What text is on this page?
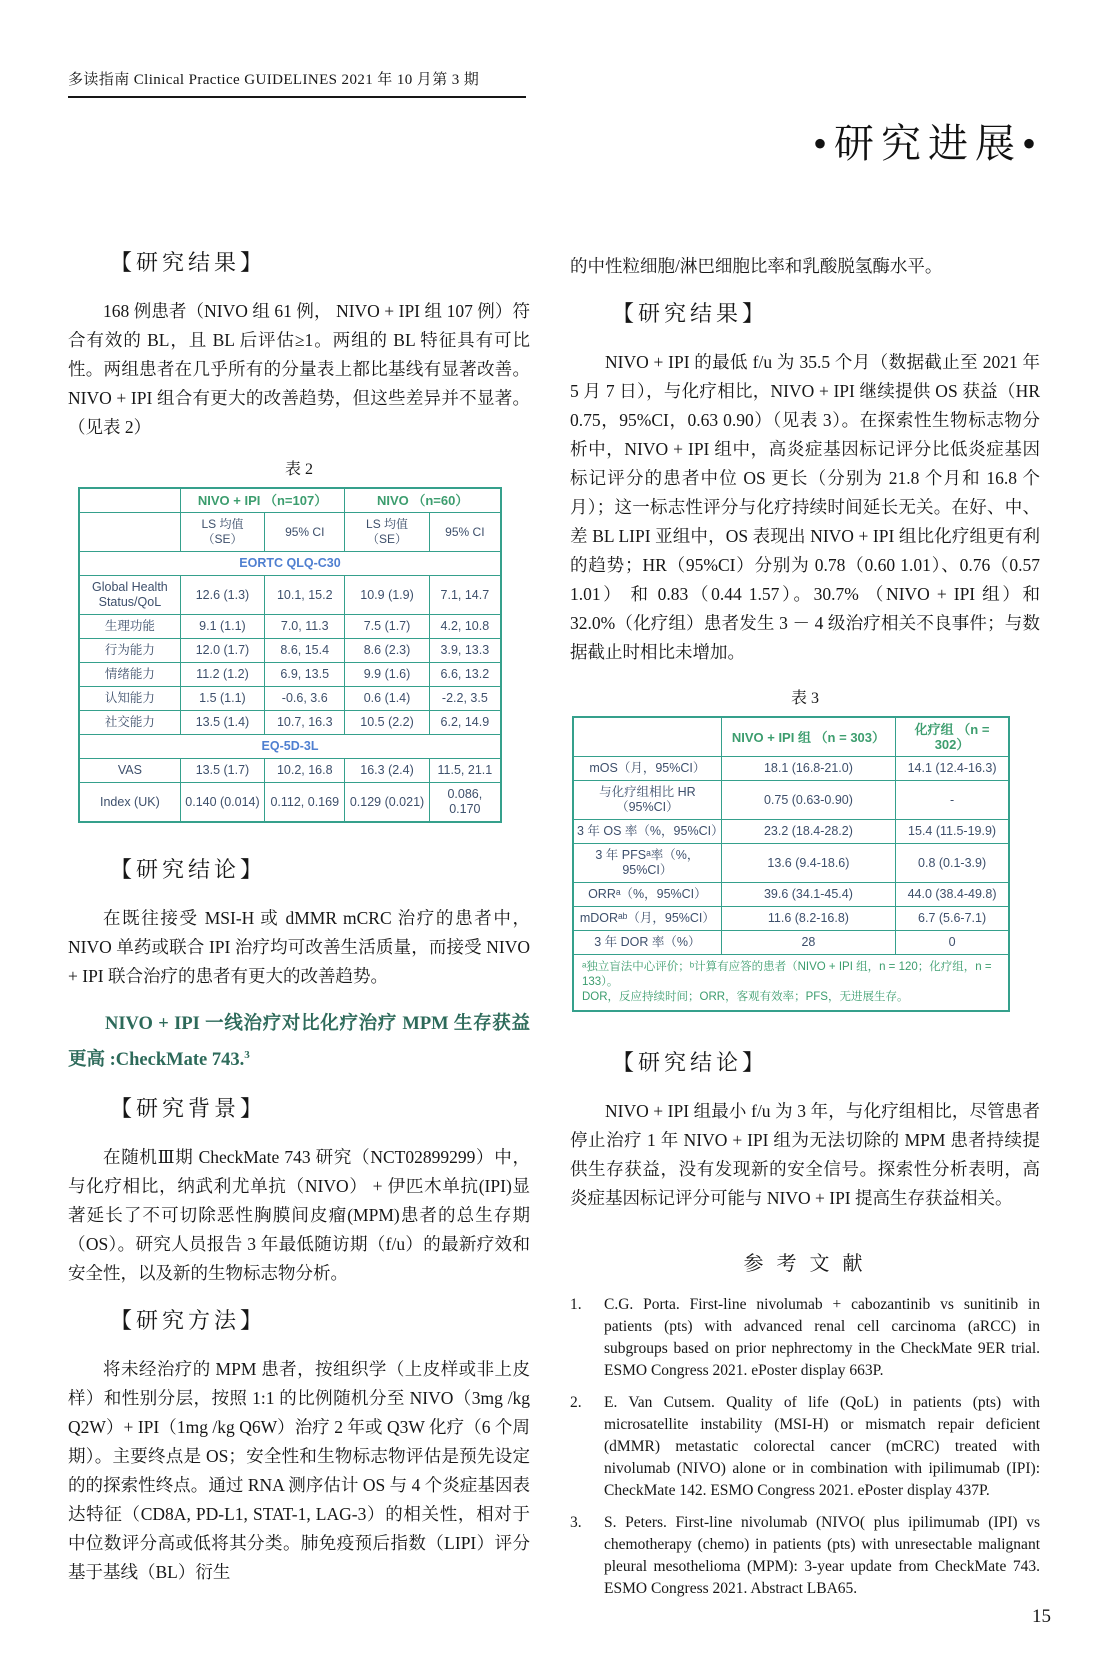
多读指南 Clinical Practice GUIDELINES 2021 年 10 月第 3 期
•研究进展•
【研究结果】

168 例患者（NIVO 组 61 例， NIVO + IPI 组 107 例）符合有效的 BL，且 BL 后评估≥1。两组的 BL 特征具有可比性。两组患者在几乎所有的分量表上都比基线有显著改善。NIVO + IPI 组合有更大的改善趋势，但这些差异并不显著。（见表 2）

表 2
	NIVO + IPI （n=107）		NIVO （n=60）	
	LS 均值 （SE）	95% CI	LS 均值 （SE）	95% CI
EORTC QLQ-C30				
Global Health Status/QoL	12.6 (1.3)	10.1, 15.2	10.9 (1.9)	7.1, 14.7
生理功能	9.1 (1.1)	7.0, 11.3	7.5 (1.7)	4.2, 10.8
行为能力	12.0 (1.7)	8.6, 15.4	8.6 (2.3)	3.9, 13.3
情绪能力	11.2 (1.2)	6.9, 13.5	9.9 (1.6)	6.6, 13.2
认知能力	1.5 (1.1)	-0.6, 3.6	0.6 (1.4)	-2.2, 3.5
社交能力	13.5 (1.4)	10.7, 16.3	10.5 (2.2)	6.2, 14.9
EQ-5D-3L				
VAS	13.5 (1.7)	10.2, 16.8	16.3 (2.4)	11.5, 21.1
Index (UK)	0.140 (0.014)	0.112, 0.169	0.129 (0.021)	0.086, 0.170
【研究结论】

在既往接受 MSI-H 或 dMMR mCRC 治疗的患者中，NIVO 单药或联合 IPI 治疗均可改善生活质量，而接受 NIVO + IPI 联合治疗的患者有更大的改善趋势。

NIVO + IPI 一线治疗对比化疗治疗 MPM 生存获益更高 :CheckMate 743.$^3$

【研究背景】

在随机Ⅲ期 CheckMate 743 研究（NCT02899299）中，与化疗相比，纳武利尤单抗（NIVO） + 伊匹木单抗(IPI)显著延长了不可切除恶性胸膜间皮瘤(MPM)患者的总生存期（OS）。研究人员报告 3 年最低随访期（f/u）的最新疗效和安全性，以及新的生物标志物分析。

【研究方法】

将未经治疗的 MPM 患者，按组织学（上皮样或非上皮样）和性别分层，按照 1:1 的比例随机分至 NIVO（3mg /kg Q2W）+ IPI（1mg /kg Q6W）治疗 2 年或 Q3W 化疗（6 个周期）。主要终点是 OS；安全性和生物标志物评估是预先设定的的探索性终点。通过 RNA 测序估计 OS 与 4 个炎症基因表达特征（CD8A, PD-L1, STAT-1, LAG-3）的相关性，相对于中位数评分高或低将其分类。肺免疫预后指数（LIPI）评分基于基线（BL）衍生

的中性粒细胞/淋巴细胞比率和乳酸脱氢酶水平。

【研究结果】

NIVO + IPI 的最低 f/u 为 35.5 个月（数据截止至 2021 年 5 月 7 日），与化疗相比，NIVO + IPI 继续提供 OS 获益（HR 0.75，95%CI，0.63 0.90）（见表 3）。在探索性生物标志物分析中，NIVO + IPI 组中，高炎症基因标记评分比低炎症基因标记评分的患者中位 OS 更长（分别为 21.8 个月和 16.8 个月）；这一标志性评分与化疗持续时间延长无关。在好、中、差 BL LIPI 亚组中，OS 表现出 NIVO + IPI 组比化疗组更有利的趋势；HR（95%CI）分别为 0.78（0.60 1.01）、0.76（0.57 1.01） 和 0.83（0.44 1.57）。30.7% （NIVO + IPI 组）和 32.0%（化疗组）患者发生 3 － 4 级治疗相关不良事件；与数据截止时相比未增加。

表 3
	NIVO + IPI 组 （n = 303）	化疗组 （n = 302）
mOS（月，95%CI）	18.1 (16.8-21.0)	14.1 (12.4-16.3)
与化疗组相比 HR（95%CI）	0.75 (0.63-0.90)	-
3 年 OS 率（%，95%CI）	23.2 (18.4-28.2)	15.4 (11.5-19.9)
3 年 PFSᵃ率（%，95%CI）	13.6 (9.4-18.6)	0.8 (0.1-3.9)
ORRᵃ（%，95%CI）	39.6 (34.1-45.4)	44.0 (38.4-49.8)
mDORᵃᵇ（月，95%CI）	11.6 (8.2-16.8)	6.7 (5.6-7.1)
3 年 DOR 率（%）	28	0

ᵃ独立盲法中心评价；ᵇ计算有应答的患者（NIVO + IPI 组，n = 120；化疗组，n = 133）。
DOR，反应持续时间；ORR，客观有效率；PFS，无进展生存。		
【研究结论】

NIVO + IPI 组最小 f/u 为 3 年，与化疗组相比，尽管患者停止治疗 1 年 NIVO + IPI 组为无法切除的 MPM 患者持续提供生存获益，没有发现新的安全信号。探索性分析表明，高炎症基因标记评分可能与 NIVO + IPI 提高生存获益相关。

参 考 文 献
1.	C.G. Porta. First-line nivolumab + cabozantinib vs sunitinib in patients (pts) with advanced renal cell carcinoma (aRCC) in subgroups based on prior nephrectomy in the CheckMate 9ER trial. ESMO Congress 2021. ePoster display 663P.
2.	E. Van Cutsem. Quality of life (QoL) in patients (pts) with microsatellite instability (MSI-H) or mismatch repair deficient (dMMR) metastatic colorectal cancer (mCRC) treated with nivolumab (NIVO) alone or in combination with ipilimumab (IPI): CheckMate 142. ESMO Congress 2021. ePoster display 437P.
3.	S. Peters. First-line nivolumab (NIVO( plus ipilimumab (IPI) vs chemotherapy (chemo) in patients (pts) with unresectable malignant pleural mesothelioma (MPM): 3-year update from CheckMate 743. ESMO Congress 2021. Abstract LBA65.
15
